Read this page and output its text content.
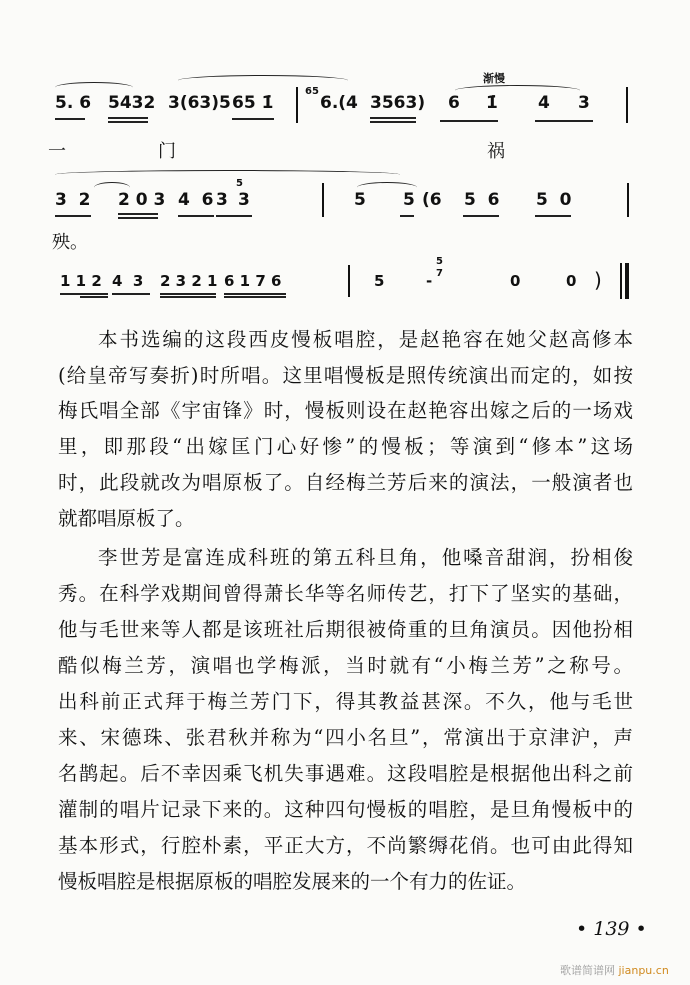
渐慢
5. 6 5432 3(63)5 65 1̇
65
6.(4 3563) 6 1̇ 4 3
一	门	祸
3  2 2 0 3 4  6 3
5
3	5 5 (6 5  6 5  0
殃。
1 1 2 4  3 2 3 2 1 6 1 7 6	5	-
5
7	0	0 )
本书选编的这段西皮慢板唱腔，是赵艳容在她父赵高修本
(给皇帝写奏折)时所唱。这里唱慢板是照传统演出而定的，如按
梅氏唱全部《宇宙锋》时，慢板则设在赵艳容出嫁之后的一场戏
里，即那段“出嫁匡门心好惨”的慢板；等演到“修本”这场
时，此段就改为唱原板了。自经梅兰芳后来的演法，一般演者也
就都唱原板了。
李世芳是富连成科班的第五科旦角，他嗓音甜润，扮相俊
秀。在科学戏期间曾得萧长华等名师传艺，打下了坚实的基础，
他与毛世来等人都是该班社后期很被倚重的旦角演员。因他扮相
酷似梅兰芳，演唱也学梅派，当时就有“小梅兰芳”之称号。
出科前正式拜于梅兰芳门下，得其教益甚深。不久，他与毛世
来、宋德珠、张君秋并称为“四小名旦”，常演出于京津沪，声
名鹊起。后不幸因乘飞机失事遇难。这段唱腔是根据他出科之前
灌制的唱片记录下来的。这种四句慢板的唱腔，是旦角慢板中的
基本形式，行腔朴素，平正大方，不尚繁缛花俏。也可由此得知
慢板唱腔是根据原板的唱腔发展来的一个有力的佐证。
• 139 •
歌谱简谱网 jianpu.cn
